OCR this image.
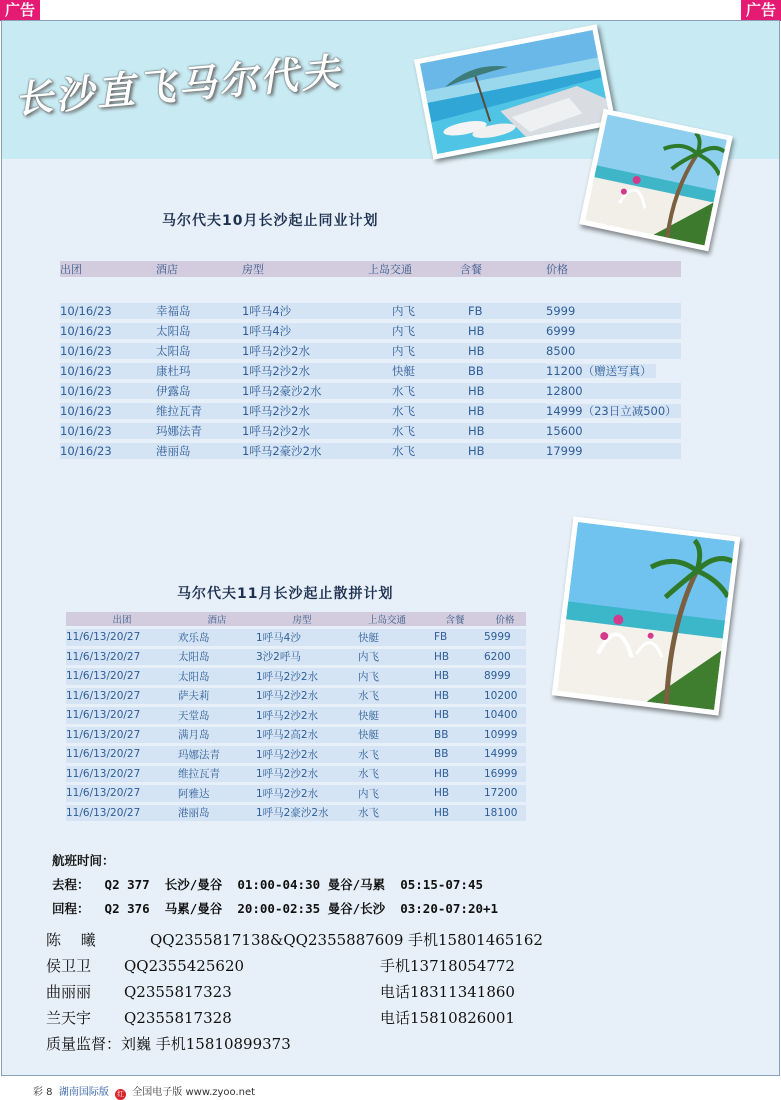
广告	广告
长沙直飞马尔代夫
马尔代夫10月长沙起止同业计划
出团	酒店	房型	上岛交通	含餐	价格

10/16/23	幸福岛	1呼马4沙	内飞	FB	5999
10/16/23	太阳岛	1呼马4沙	内飞	HB	6999
10/16/23	太阳岛	1呼马2沙2水	内飞	HB	8500
10/16/23	康杜玛	1呼马2沙2水	快艇	BB	11200（赠送写真）
10/16/23	伊露岛	1呼马2豪沙2水	水飞	HB	12800
10/16/23	维拉瓦青	1呼马2沙2水	水飞	HB	14999（23日立减500）
10/16/23	玛娜法青	1呼马2沙2水	水飞	HB	15600
10/16/23	港丽岛	1呼马2豪沙2水	水飞	HB	17999
马尔代夫11月长沙起止散拼计划
出团	酒店	房型	上岛交通	含餐	价格
11/6/13/20/27	欢乐岛	1呼马4沙	快艇	FB	5999
11/6/13/20/27	太阳岛	3沙2呼马	内飞	HB	6200
11/6/13/20/27	太阳岛	1呼马2沙2水	内飞	HB	8999
11/6/13/20/27	萨夫莉	1呼马2沙2水	水飞	HB	10200
11/6/13/20/27	天堂岛	1呼马2沙2水	快艇	HB	10400
11/6/13/20/27	满月岛	1呼马2高2水	快艇	BB	10999
11/6/13/20/27	玛娜法青	1呼马2沙2水	水飞	BB	14999
11/6/13/20/27	维拉瓦青	1呼马2沙2水	水飞	HB	16999
11/6/13/20/27	阿雅达	1呼马2沙2水	内飞	HB	17200
11/6/13/20/27	港丽岛	1呼马2豪沙2水	水飞	HB	18100
航班时间：
去程：  Q2 377  长沙/曼谷  01:00-04:30 曼谷/马累  05:15-07:45
回程：  Q2 376  马累/曼谷  20:00-02:35 曼谷/长沙  03:20-07:20+1
陈　 曦	QQ2355817138&QQ2355887609 手机15801465162
侯卫卫 QQ2355425620	手机13718054772
曲丽丽 Q2355817323	电话18311341860
兰天宇 Q2355817328	电话15810826001
质量监督：刘巍 手机15810899373
彩 8 湖南国际版 红 全国电子版 www.zyoo.net
